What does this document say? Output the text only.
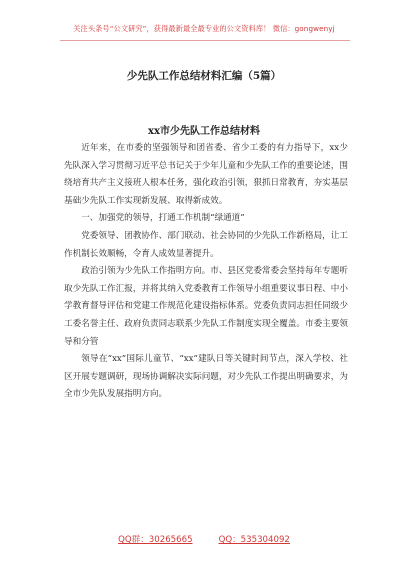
关注头条号“公文研究”，获得最新最全最专业的公文资料库！ 微信：gongwenyj
少先队工作总结材料汇编（5篇）
xx市少先队工作总结材料

近年来，在市委的坚强领导和团省委、省少工委的有力指导下，xx少先队深入学习贯彻习近平总书记关于少年儿童和少先队工作的重要论述，围绕培育共产主义接班人根本任务，强化政治引领，狠抓日常教育，夯实基层基础少先队工作实现新发展、取得新成效。

一、加强党的领导，打通工作机制“绿通道”

党委领导、团教协作、部门联动、社会协同的少先队工作新格局，让工作机制长效顺畅，令育人成效显著提升。

政治引领为少先队工作指明方向。市、县区党委常委会坚持每年专题听取少先队工作汇报，并将其纳入党委教育工作领导小组重要议事日程、中小学教育督导评估和党建工作规范化建设指标体系。党委负责同志担任同级少工委名誉主任、政府负责同志联系少先队工作制度实现全覆盖。市委主要领导和分管

领导在“xx”国际儿童节、“xx”建队日等关键时间节点，深入学校、社区开展专题调研，现场协调解决实际问题，对少先队工作提出明确要求，为全市少先队发展指明方向。

QQ群：30265665	QQ：535304092
